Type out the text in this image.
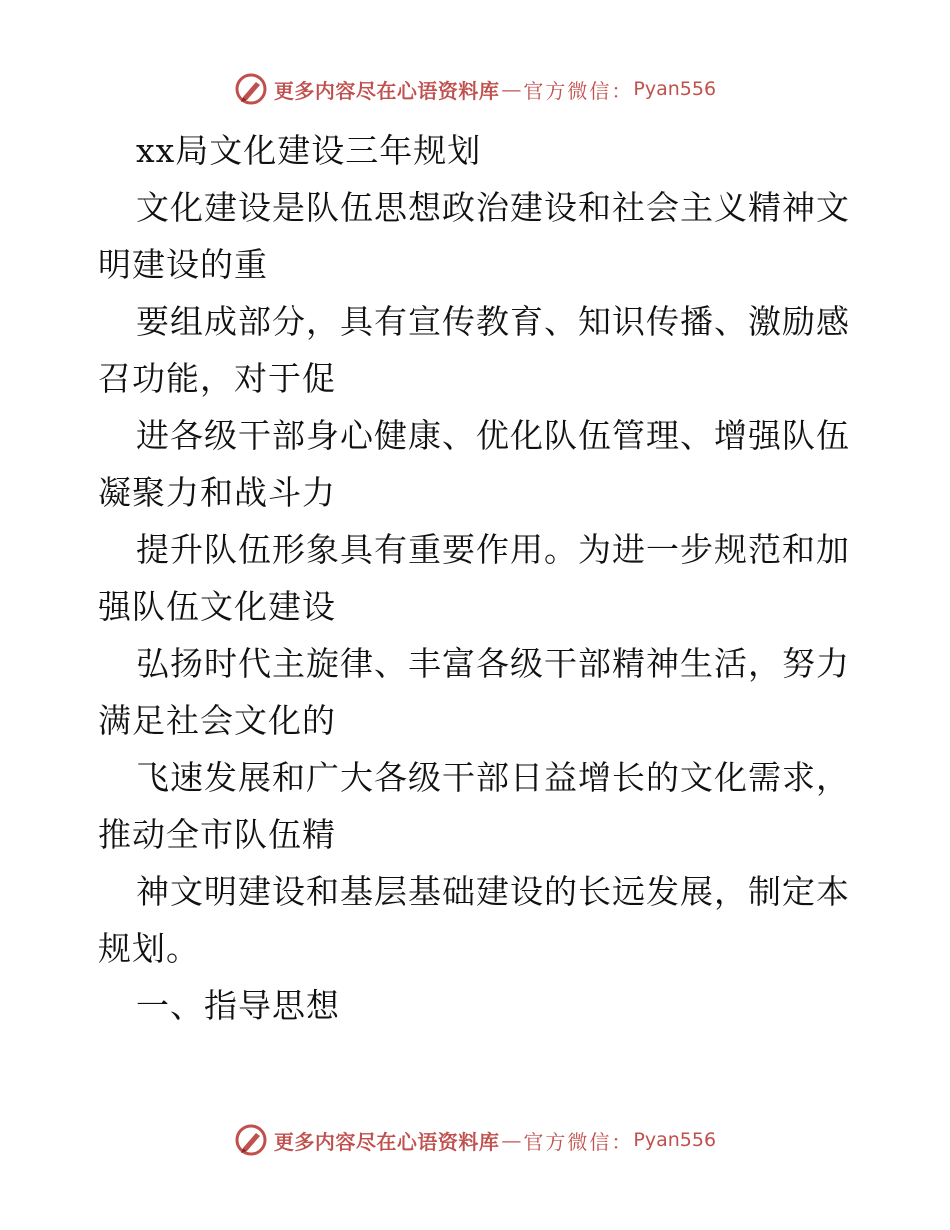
更多内容尽在心语资料库 — 官方微信： Pyan556
xx局文化建设三年规划
文化建设是队伍思想政治建设和社会主义精神文
明建设的重
要组成部分，具有宣传教育、知识传播、激励感
召功能，对于促
进各级干部身心健康、优化队伍管理、增强队伍
凝聚力和战斗力
提升队伍形象具有重要作用。为进一步规范和加
强队伍文化建设
弘扬时代主旋律、丰富各级干部精神生活，努力
满足社会文化的
飞速发展和广大各级干部日益增长的文化需求，
推动全市队伍精
神文明建设和基层基础建设的长远发展，制定本
规划。
一、指导思想
更多内容尽在心语资料库 — 官方微信： Pyan556
